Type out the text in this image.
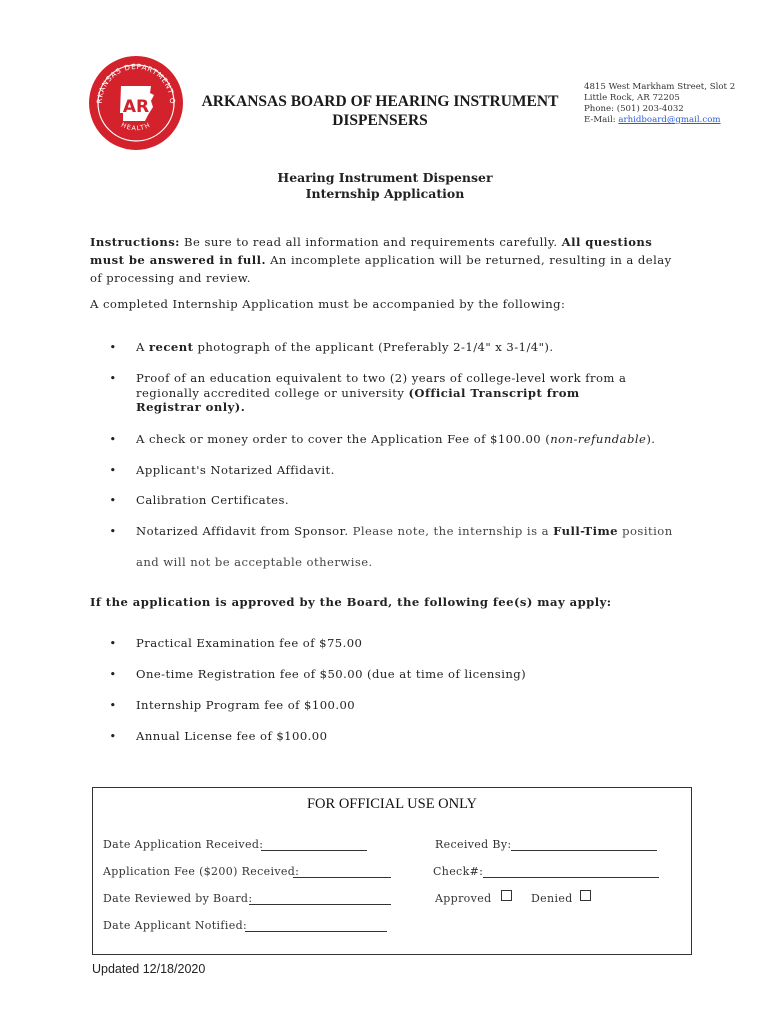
RKANSAS DEPARTMENT O
HEALTH
AR	ARKANSAS BOARD OF HEARING INSTRUMENT
DISPENSERS
4815 West Markham Street, Slot 2
Little Rock, AR 72205
Phone: (501) 203-4032
E-Mail: arhidboard@gmail.com
Hearing Instrument Dispenser
Internship Application
Instructions: Be sure to read all information and requirements carefully. All questions must be answered in full. An incomplete application will be returned, resulting in a delay of processing and review.
A completed Internship Application must be accompanied by the following:
• A recent photograph of the applicant (Preferably 2-1/4" x 3-1/4").
• Proof of an education equivalent to two (2) years of college-level work from a regionally accredited college or university (Official Transcript from Registrar only).
• A check or money order to cover the Application Fee of $100.00 (non-refundable).
• Applicant's Notarized Affidavit.
• Calibration Certificates.
• Notarized Affidavit from Sponsor. Please note, the internship is a Full-Time position
and will not be acceptable otherwise.
If the application is approved by the Board, the following fee(s) may apply:
• Practical Examination fee of $75.00
• One-time Registration fee of $50.00 (due at time of licensing)
• Internship Program fee of $100.00
• Annual License fee of $100.00
FOR OFFICIAL USE ONLY
Date Application Received:	Received By:
Application Fee ($200) Received:	Check#:
Date Reviewed by Board:	Approved	Denied
Date Applicant Notified:
Updated 12/18/2020
